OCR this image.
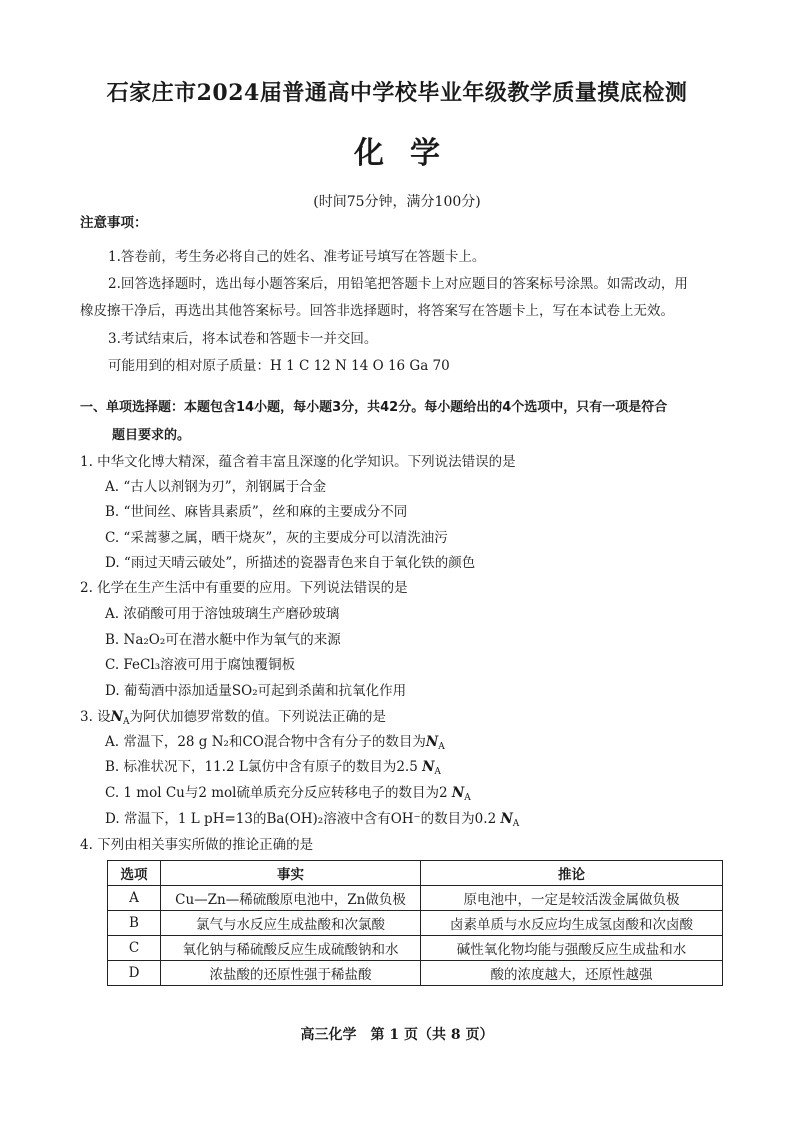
石家庄市2024届普通高中学校毕业年级教学质量摸底检测
化学
(时间75分钟，满分100分)
注意事项：
1.答卷前，考生务必将自己的姓名、准考证号填写在答题卡上。
2.回答选择题时，选出每小题答案后，用铅笔把答题卡上对应题目的答案标号涂黑。如需改动，用
橡皮擦干净后，再选出其他答案标号。回答非选择题时，将答案写在答题卡上，写在本试卷上无效。
3.考试结束后，将本试卷和答题卡一并交回。
可能用到的相对原子质量：H 1 C 12 N 14 O 16 Ga 70
一、单项选择题：本题包含14小题，每小题3分，共42分。每小题给出的4个选项中，只有一项是符合
题目要求的。
1. 中华文化博大精深，蕴含着丰富且深邃的化学知识。下列说法错误的是
A. “古人以剂钢为刃”，剂钢属于合金
B. “世间丝、麻皆具素质”，丝和麻的主要成分不同
C. “采蒿蓼之属，晒干烧灰”，灰的主要成分可以清洗油污
D. “雨过天晴云破处”，所描述的瓷器青色来自于氧化铁的颜色
2. 化学在生产生活中有重要的应用。下列说法错误的是
A. 浓硝酸可用于溶蚀玻璃生产磨砂玻璃
B. Na₂O₂可在潜水艇中作为氧气的来源
C. FeCl₃溶液可用于腐蚀覆铜板
D. 葡萄酒中添加适量SO₂可起到杀菌和抗氧化作用
3. 设$N_A$为阿伏加德罗常数的值。下列说法正确的是
A. 常温下，28 g N₂和CO混合物中含有分子的数目为$N_A$
B. 标准状况下，11.2 L氯仿中含有原子的数目为2.5 $N_A$
C. 1 mol Cu与2 mol硫单质充分反应转移电子的数目为2 $N_A$
D. 常温下，1 L pH=13的Ba(OH)₂溶液中含有OH⁻的数目为0.2 $N_A$
4. 下列由相关事实所做的推论正确的是
选项	事实	推论
A	Cu—Zn—稀硫酸原电池中，Zn做负极	原电池中，一定是较活泼金属做负极
B	氯气与水反应生成盐酸和次氯酸	卤素单质与水反应均生成氢卤酸和次卤酸
C	氧化钠与稀硫酸反应生成硫酸钠和水	碱性氧化物均能与强酸反应生成盐和水
D	浓盐酸的还原性强于稀盐酸	酸的浓度越大，还原性越强
高三化学　第 1 页（共 8 页）
